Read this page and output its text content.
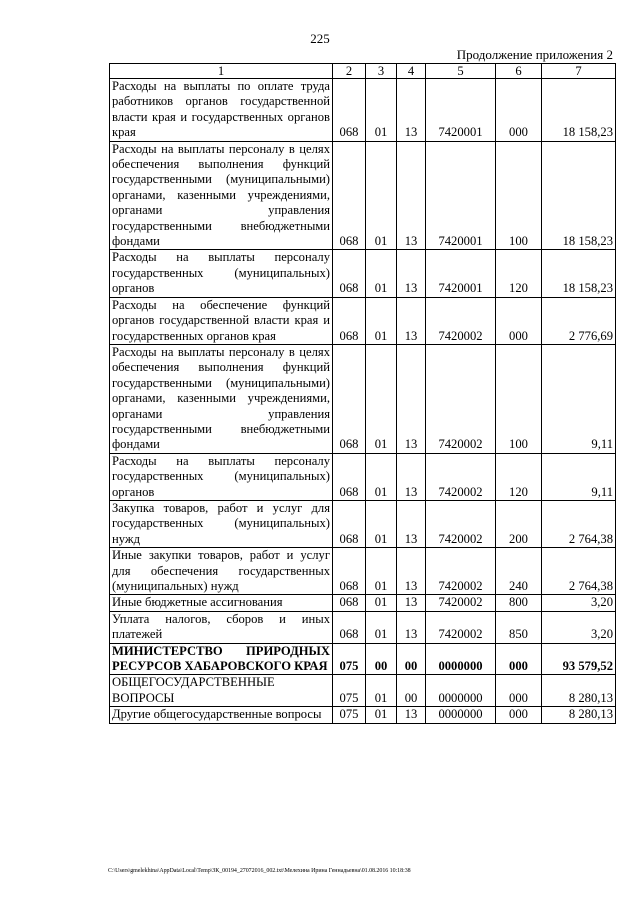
225
Продолжение приложения 2
1	2	3	4	5	6	7
Расходы на выплаты по оплате труда работников органов государственной власти края и государственных органов края	068	01	13	7420001	000	18 158,23
Расходы на выплаты персоналу в целях обеспечения выполнения функций государственными (муниципальными) органами, казенными учреждениями, органами управления государственными внебюджетными фондами	068	01	13	7420001	100	18 158,23
Расходы на выплаты персоналу государственных (муниципальных) органов	068	01	13	7420001	120	18 158,23
Расходы на обеспечение функций органов государственной власти края и государственных органов края	068	01	13	7420002	000	2 776,69
Расходы на выплаты персоналу в целях обеспечения выполнения функций государственными (муниципальными) органами, казенными учреждениями, органами управления государственными внебюджетными фондами	068	01	13	7420002	100	9,11
Расходы на выплаты персоналу государственных (муниципальных) органов	068	01	13	7420002	120	9,11
Закупка товаров, работ и услуг для государственных (муниципальных) нужд	068	01	13	7420002	200	2 764,38
Иные закупки товаров, работ и услуг для обеспечения государственных (муниципальных) нужд	068	01	13	7420002	240	2 764,38
Иные бюджетные ассигнования	068	01	13	7420002	800	3,20
Уплата налогов, сборов и иных платежей	068	01	13	7420002	850	3,20
МИНИСТЕРСТВО ПРИРОДНЫХ РЕСУРСОВ ХАБАРОВСКОГО КРАЯ	075	00	00	0000000	000	93 579,52
ОБЩЕГОСУДАРСТВЕННЫЕ ВОПРОСЫ	075	01	00	0000000	000	8 280,13
Другие общегосударственные вопросы	075	01	13	0000000	000	8 280,13
C:\Users\gmelekhina\AppData\Local\Temp\ЗК_00194_27072016_002.txt\Мелехина Ирина Геннадьевна\01.08.2016 10:18:38
